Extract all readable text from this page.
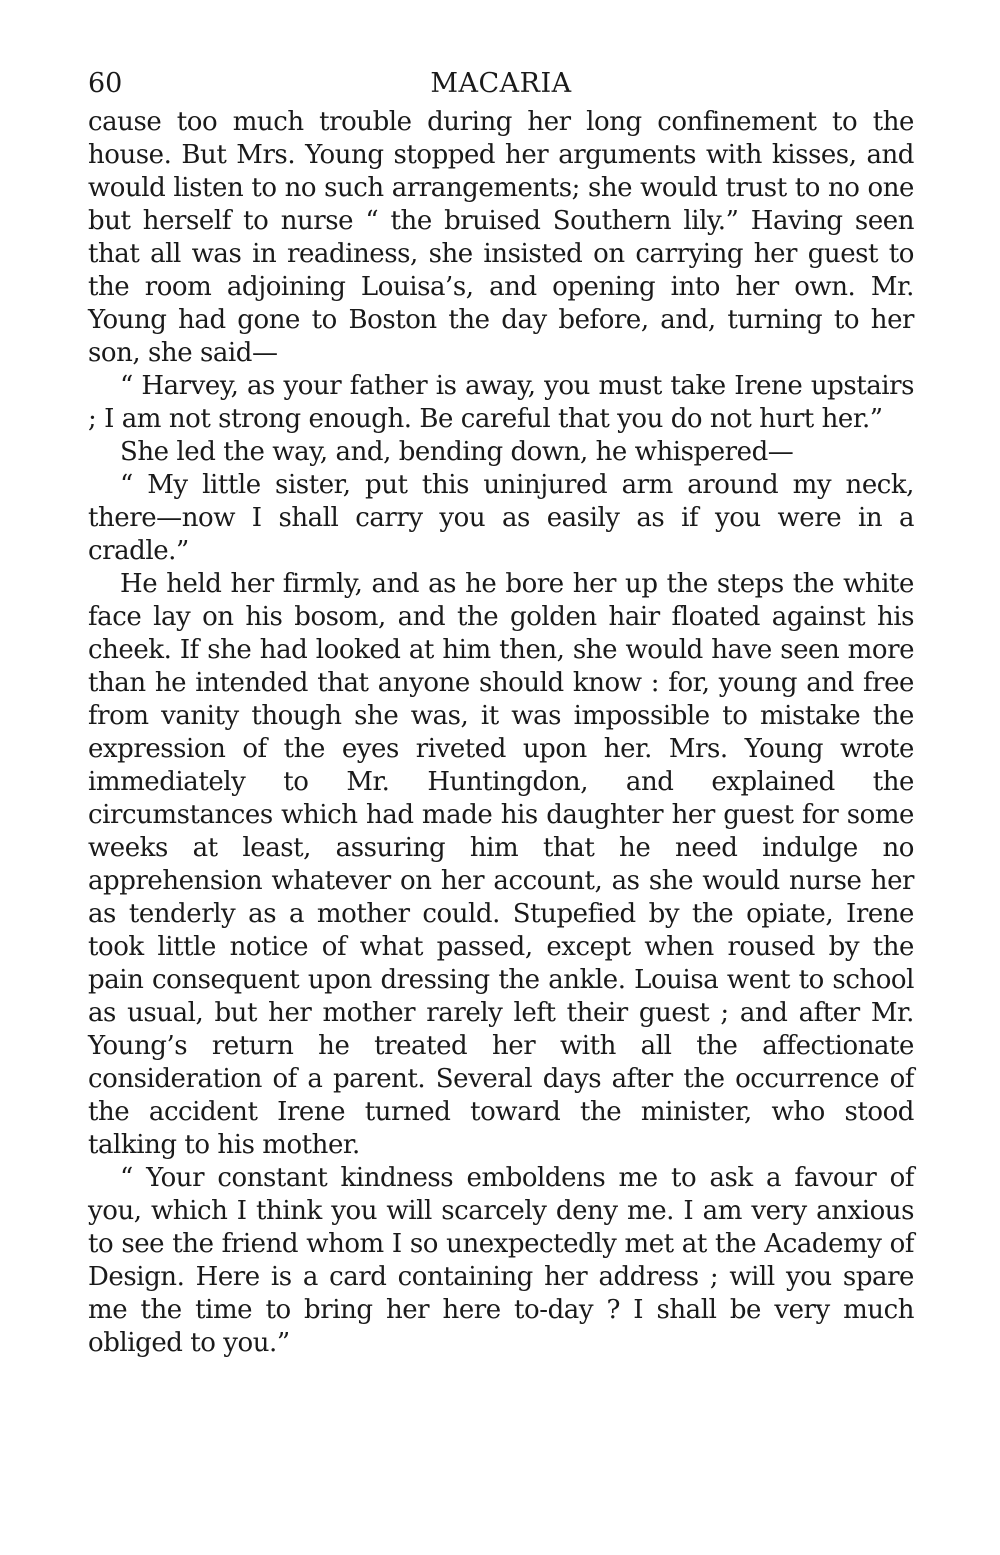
60	MACARIA

cause too much trouble during her long confinement to the house. But Mrs. Young stopped her arguments with kisses, and would listen to no such arrangements; she would trust to no one but herself to nurse “ the bruised Southern lily.” Having seen that all was in readiness, she insisted on carrying her guest to the room adjoining Louisa’s, and opening into her own. Mr. Young had gone to Boston the day before, and, turning to her son, she said—

“ Harvey, as your father is away, you must take Irene upstairs ; I am not strong enough. Be careful that you do not hurt her.”

She led the way, and, bending down, he whispered—

“ My little sister, put this uninjured arm around my neck, there—now I shall carry you as easily as if you were in a cradle.”

He held her firmly, and as he bore her up the steps the white face lay on his bosom, and the golden hair floated against his cheek. If she had looked at him then, she would have seen more than he intended that anyone should know : for, young and free from vanity though she was, it was impossible to mistake the expression of the eyes riveted upon her. Mrs. Young wrote immediately to Mr. Huntingdon, and explained the circumstances which had made his daughter her guest for some weeks at least, assuring him that he need indulge no apprehension whatever on her account, as she would nurse her as tenderly as a mother could. Stupefied by the opiate, Irene took little notice of what passed, except when roused by the pain consequent upon dressing the ankle. Louisa went to school as usual, but her mother rarely left their guest ; and after Mr. Young’s return he treated her with all the affectionate consideration of a parent. Several days after the occurrence of the accident Irene turned toward the minister, who stood talking to his mother.

“ Your constant kindness emboldens me to ask a favour of you, which I think you will scarcely deny me. I am very anxious to see the friend whom I so unexpectedly met at the Academy of Design. Here is a card containing her address ; will you spare me the time to bring her here to-day ? I shall be very much obliged to you.”
